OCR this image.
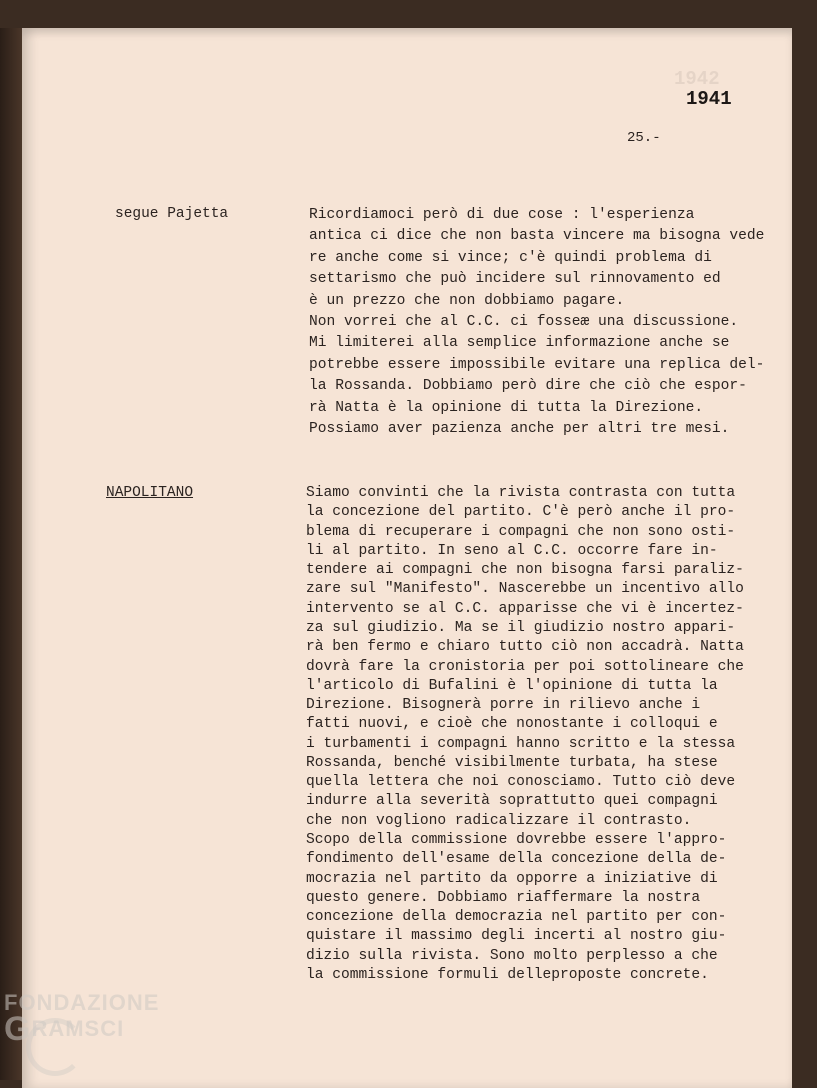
1942
1941
25.-
segue Pajetta
NAPOLITANO
Ricordiamoci però di due cose : l'esperienza
antica ci dice che non basta vincere ma bisogna vede
re anche come si vince; c'è quindi problema di
settarismo che può incidere sul rinnovamento ed
è un prezzo che non dobbiamo pagare.
Non vorrei che al C.C. ci fosseæ una discussione.
Mi limiterei alla semplice informazione anche se
potrebbe essere impossibile evitare una replica del-
la Rossanda. Dobbiamo però dire che ciò che espor-
rà Natta è la opinione di tutta la Direzione.
Possiamo aver pazienza anche per altri tre mesi.
Siamo convinti che la rivista contrasta con tutta
la concezione del partito. C'è però anche il pro-
blema di recuperare i compagni che non sono osti-
li al partito. In seno al C.C. occorre fare in-
tendere ai compagni che non bisogna farsi paraliz-
zare sul "Manifesto". Nascerebbe un incentivo allo
intervento se al C.C. apparisse che vi è incertez-
za sul giudizio. Ma se il giudizio nostro appari-
rà ben fermo e chiaro tutto ciò non accadrà. Natta
dovrà fare la cronistoria per poi sottolineare che
l'articolo di Bufalini è l'opinione di tutta la
Direzione. Bisognerà porre in rilievo anche i
fatti nuovi, e cioè che nonostante i colloqui e
i turbamenti i compagni hanno scritto e la stessa
Rossanda, benché visibilmente turbata, ha stese
quella lettera che noi conosciamo. Tutto ciò deve
indurre alla severità soprattutto quei compagni
che non vogliono radicalizzare il contrasto.
Scopo della commissione dovrebbe essere l'appro-
fondimento dell'esame della concezione della de-
mocrazia nel partito da opporre a iniziative di
questo genere. Dobbiamo riaffermare la nostra
concezione della democrazia nel partito per con-
quistare il massimo degli incerti al nostro giu-
dizio sulla rivista. Sono molto perplesso a che
la commissione formuli delleproposte concrete.
FONDAZIONE
GRAMSCI
